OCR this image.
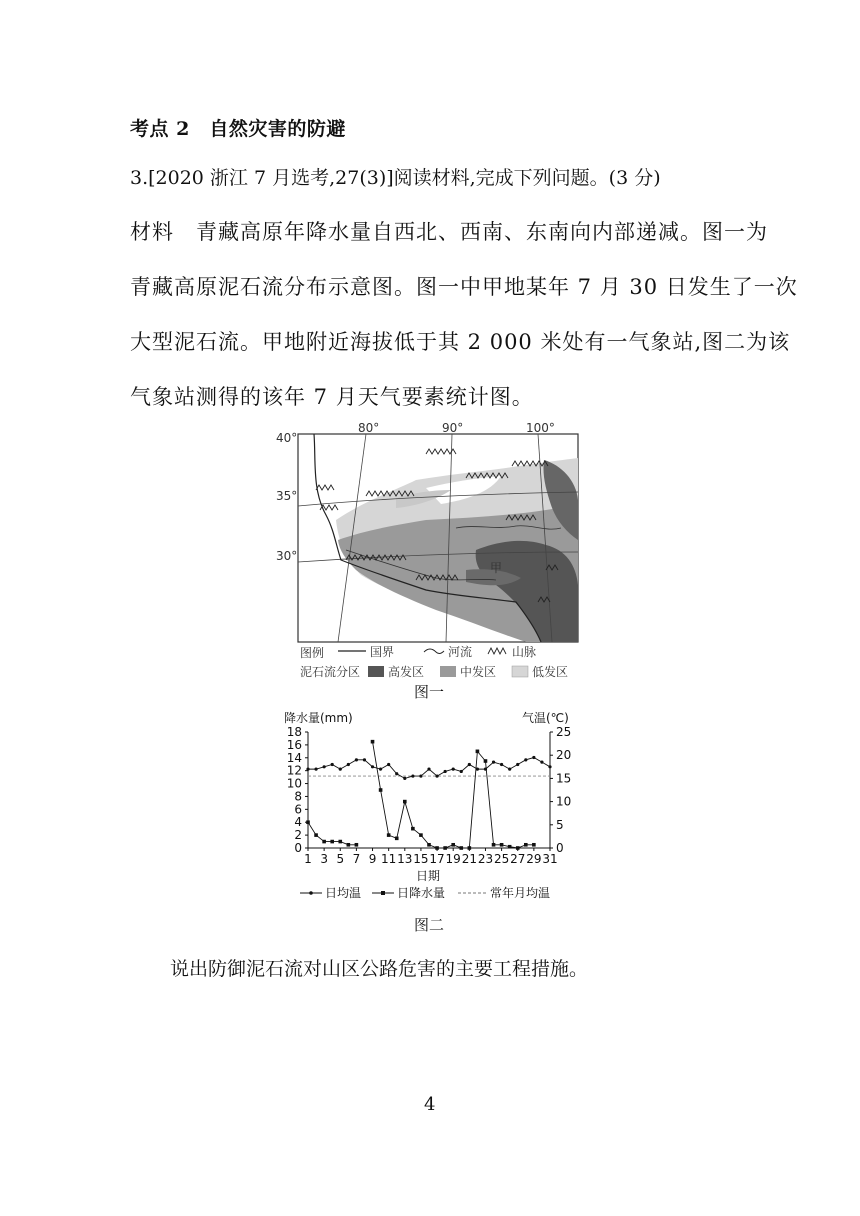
考点 2　自然灾害的防避
3.[2020 浙江 7 月选考,27(3)]阅读材料,完成下列问题。(3 分)
材料　青藏高原年降水量自西北、西南、东南向内部递减。图一为
青藏高原泥石流分布示意图。图一中甲地某年 7 月 30 日发生了一次
大型泥石流。甲地附近海拔低于其 2 000 米处有一气象站,图二为该
气象站测得的该年 7 月天气要素统计图。
甲
40°
35°
30°
80°	90°	100°
图例	国界	河流	山脉
泥石流分区 高发区	中发区	低发区
图一
降水量(mm)	气温(℃)
日期
0
2
4
6
8
10
12
14
16
18
0
5
10
15
20
25
1 3 5 7 9 11 13 15 17 19 21 23 25 27 29 31
日均温	日降水量	常年月均温
图二
说出防御泥石流对山区公路危害的主要工程措施。
4
